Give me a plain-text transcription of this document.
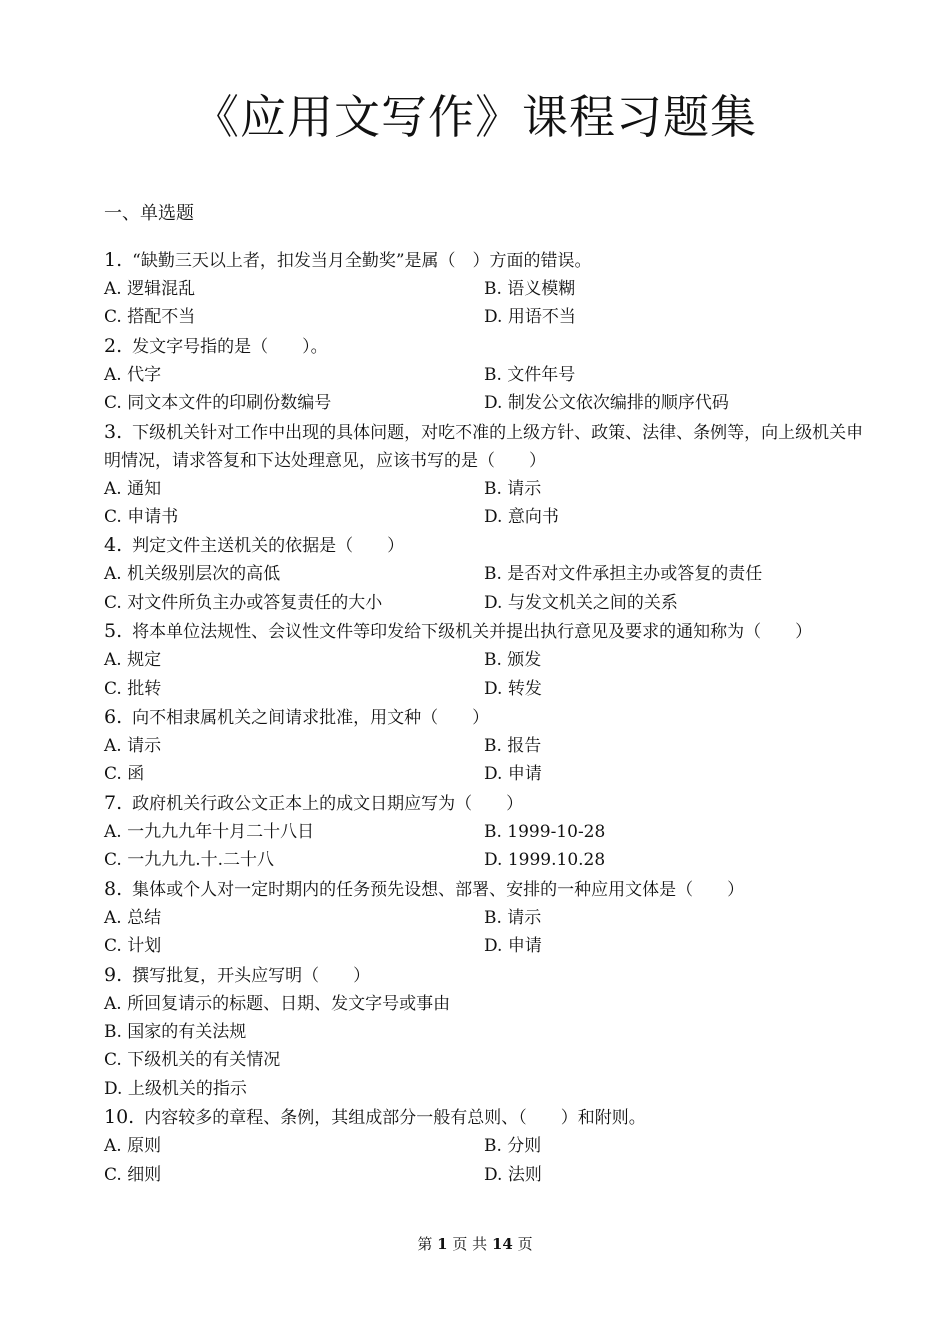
《应用文写作》课程习题集
一、单选题
1. “缺勤三天以上者，扣发当月全勤奖”是属（　）方面的错误。
A. 逻辑混乱	B. 语义模糊
C. 搭配不当	D. 用语不当
2. 发文字号指的是（　　）。
A. 代字	B. 文件年号
C. 同文本文件的印刷份数编号	D. 制发公文依次编排的顺序代码
3. 下级机关针对工作中出现的具体问题，对吃不准的上级方针、政策、法律、条例等，向上级机关申明情况，请求答复和下达处理意见，应该书写的是（　　）
A. 通知	B. 请示
C. 申请书	D. 意向书
4. 判定文件主送机关的依据是（　　）
A. 机关级别层次的高低	B. 是否对文件承担主办或答复的责任
C. 对文件所负主办或答复责任的大小	D. 与发文机关之间的关系
5. 将本单位法规性、会议性文件等印发给下级机关并提出执行意见及要求的通知称为（　　）
A. 规定	B. 颁发
C. 批转	D. 转发
6. 向不相隶属机关之间请求批准，用文种（　　）
A. 请示	B. 报告
C. 函	D. 申请
7. 政府机关行政公文正本上的成文日期应写为（　　）
A. 一九九九年十月二十八日	B. 1999-10-28
C. 一九九九.十.二十八	D. 1999.10.28
8. 集体或个人对一定时期内的任务预先设想、部署、安排的一种应用文体是（　　）
A. 总结	B. 请示
C. 计划	D. 申请
9. 撰写批复，开头应写明（　　）
A. 所回复请示的标题、日期、发文字号或事由
B. 国家的有关法规
C. 下级机关的有关情况
D. 上级机关的指示
10. 内容较多的章程、条例，其组成部分一般有总则、（　　）和附则。
A. 原则	B. 分则
C. 细则	D. 法则
第 1 页 共 14 页
